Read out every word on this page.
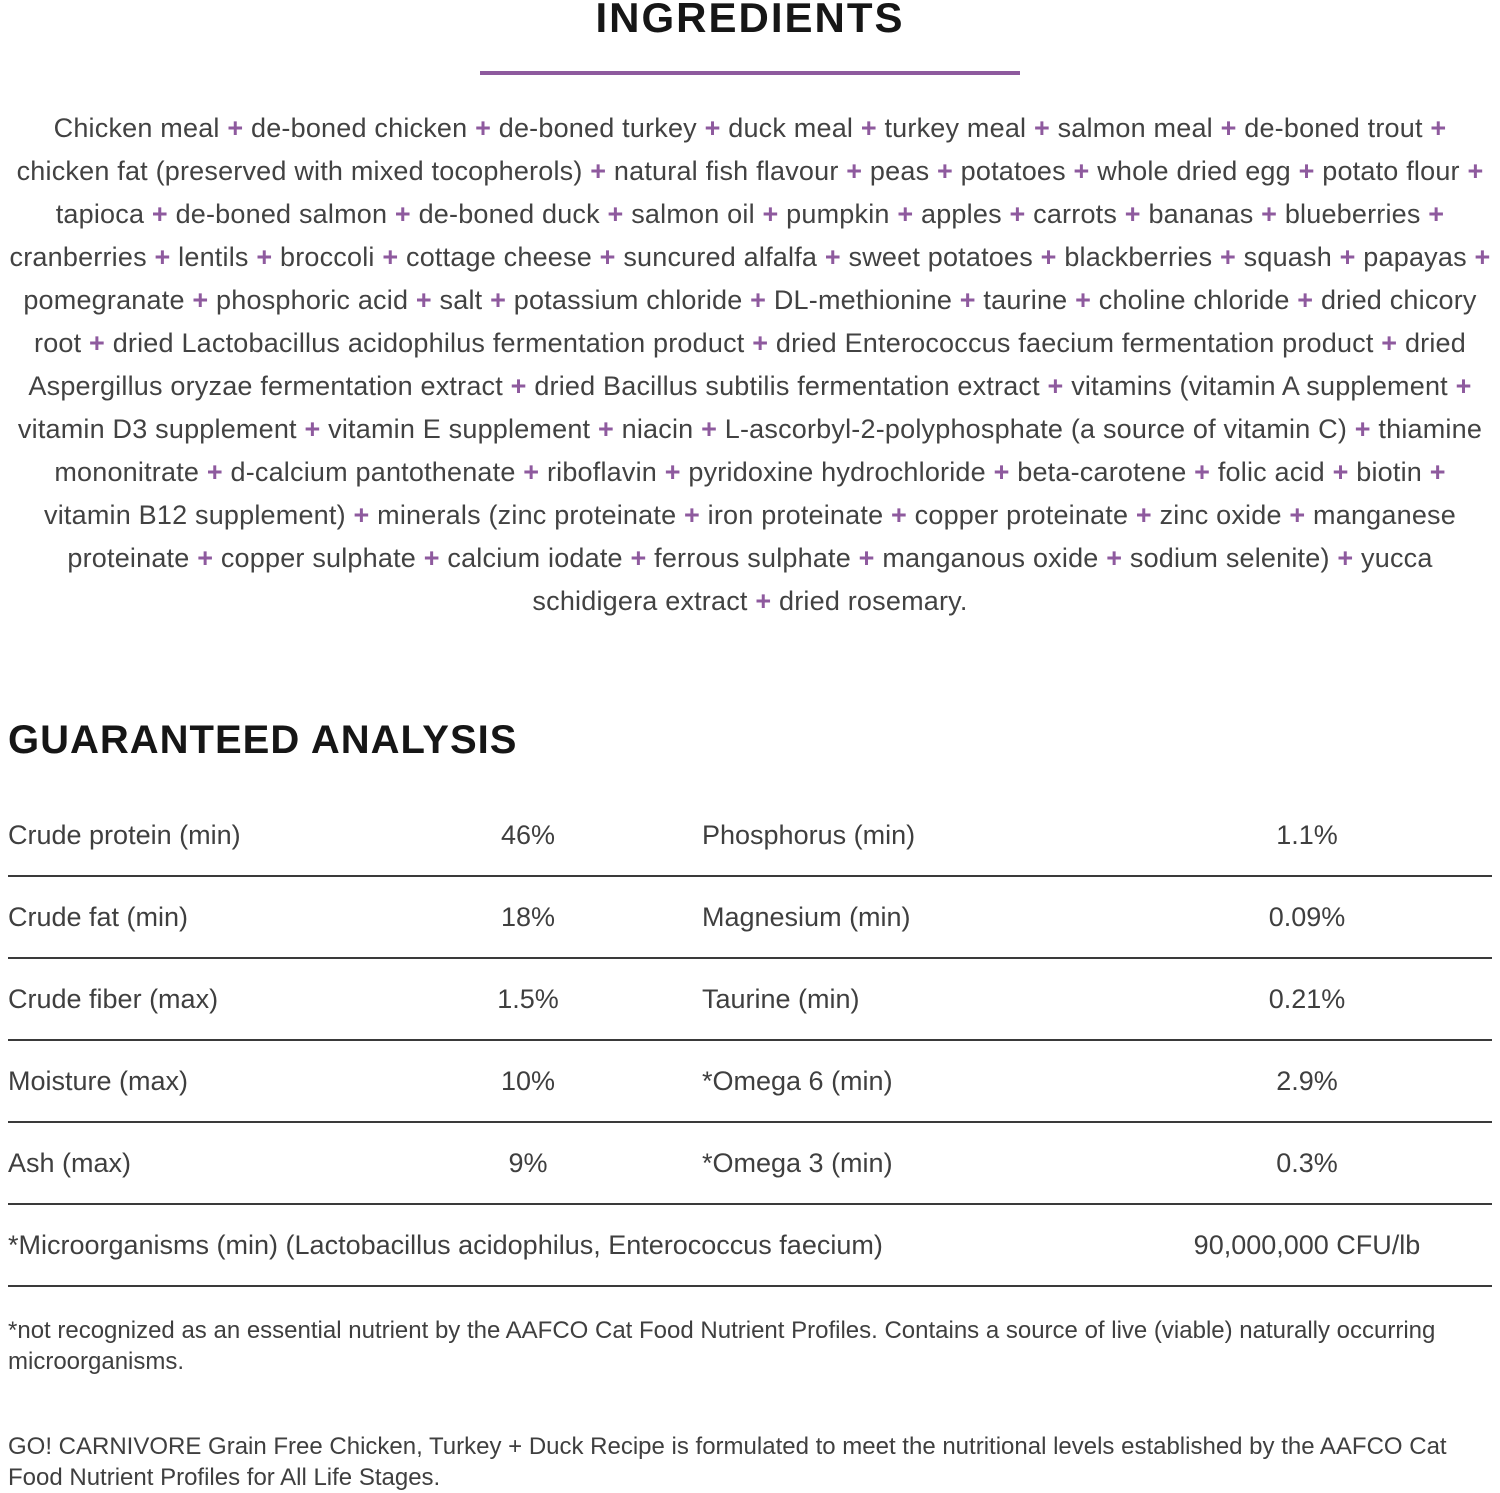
INGREDIENTS

Chicken meal + de-boned chicken + de-boned turkey + duck meal + turkey meal + salmon meal + de-boned trout + chicken fat (preserved with mixed tocopherols) + natural fish flavour + peas + potatoes + whole dried egg + potato flour + tapioca + de-boned salmon + de-boned duck + salmon oil + pumpkin + apples + carrots + bananas + blueberries + cranberries + lentils + broccoli + cottage cheese + suncured alfalfa + sweet potatoes + blackberries + squash + papayas + pomegranate + phosphoric acid + salt + potassium chloride + DL-methionine + taurine + choline chloride + dried chicory root + dried Lactobacillus acidophilus fermentation product + dried Enterococcus faecium fermentation product + dried Aspergillus oryzae fermentation extract + dried Bacillus subtilis fermentation extract + vitamins (vitamin A supplement + vitamin D3 supplement + vitamin E supplement + niacin + L-ascorbyl-2-polyphosphate (a source of vitamin C) + thiamine mononitrate + d-calcium pantothenate + riboflavin + pyridoxine hydrochloride + beta-carotene + folic acid + biotin + vitamin B12 supplement) + minerals (zinc proteinate + iron proteinate + copper proteinate + zinc oxide + manganese proteinate + copper sulphate + calcium iodate + ferrous sulphate + manganous oxide + sodium selenite) + yucca schidigera extract + dried rosemary.

GUARANTEED ANALYSIS
Crude protein (min)	46%	Phosphorus (min)	1.1%
Crude fat (min)	18%	Magnesium (min)	0.09%
Crude fiber (max)	1.5%	Taurine (min)	0.21%
Moisture (max)	10%	*Omega 6 (min)	2.9%
Ash (max)	9%	*Omega 3 (min)	0.3%
*Microorganisms (min) (Lactobacillus acidophilus, Enterococcus faecium)	90,000,000 CFU/lb

*not recognized as an essential nutrient by the AAFCO Cat Food Nutrient Profiles. Contains a source of live (viable) naturally occurring microorganisms.

GO! CARNIVORE Grain Free Chicken, Turkey + Duck Recipe is formulated to meet the nutritional levels established by the AAFCO Cat Food Nutrient Profiles for All Life Stages.
